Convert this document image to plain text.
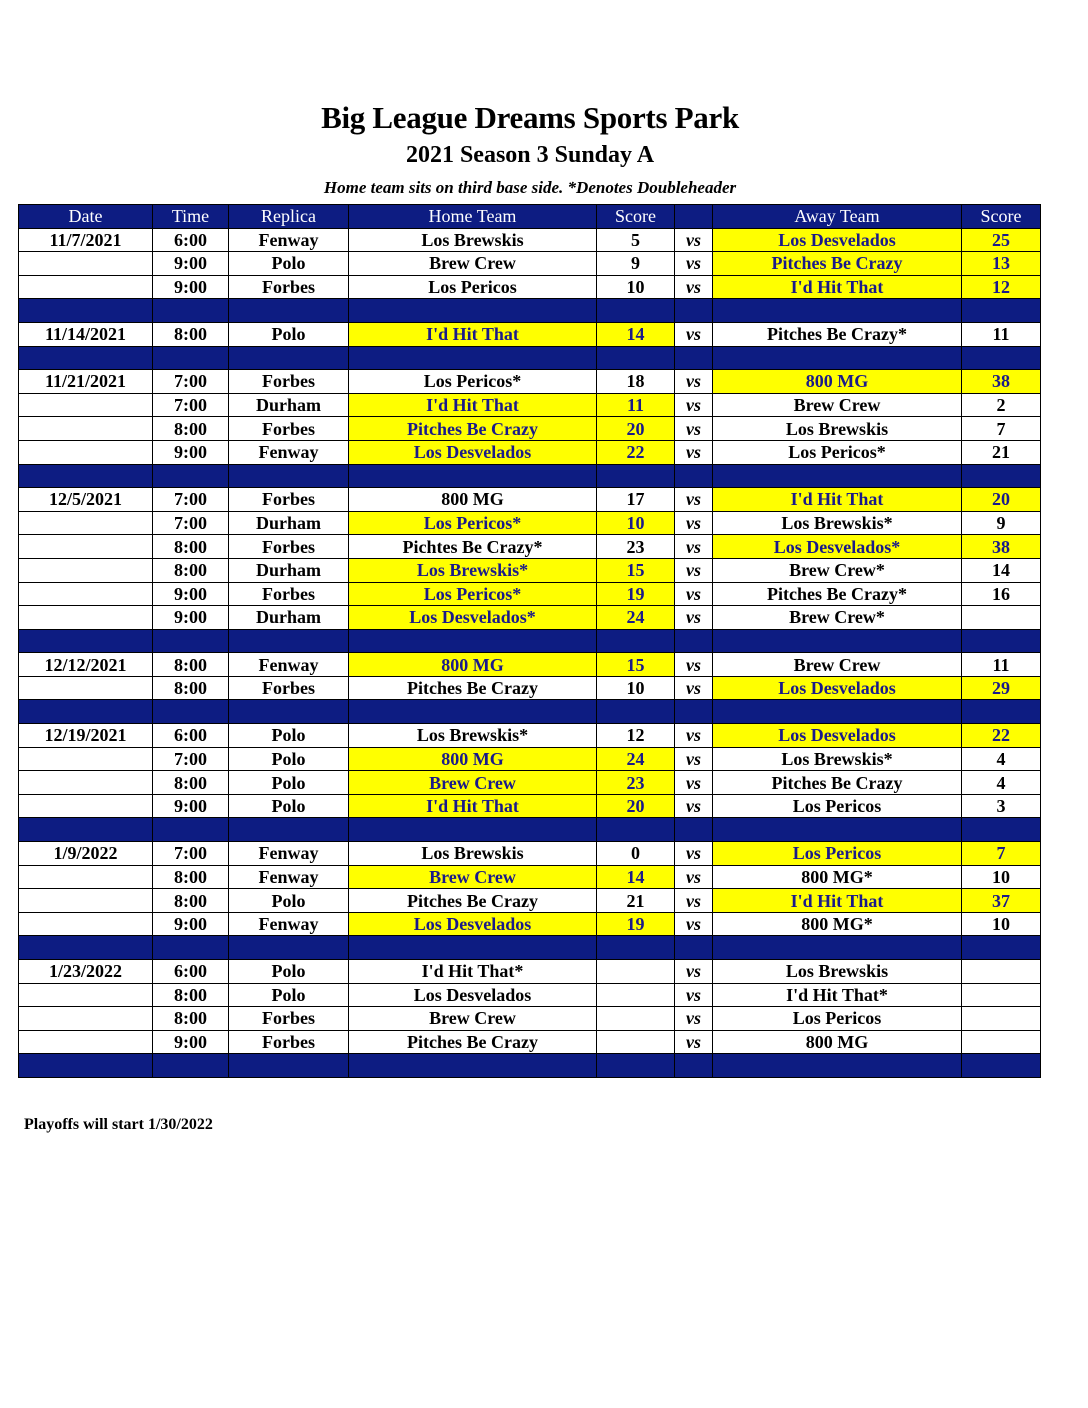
Big League Dreams Sports Park
2021 Season 3 Sunday A
Home team sits on third base side. *Denotes Doubleheader
Date	Time	Replica	Home Team	Score		Away Team	Score
11/7/2021	6:00	Fenway	Los Brewskis	5	vs	Los Desvelados	25
	9:00	Polo	Brew Crew	9	vs	Pitches Be Crazy	13
	9:00	Forbes	Los Pericos	10	vs	I'd Hit That	12

11/14/2021	8:00	Polo	I'd Hit That	14	vs	Pitches Be Crazy*	11

11/21/2021	7:00	Forbes	Los Pericos*	18	vs	800 MG	38
	7:00	Durham	I'd Hit That	11	vs	Brew Crew	2
	8:00	Forbes	Pitches Be Crazy	20	vs	Los Brewskis	7
	9:00	Fenway	Los Desvelados	22	vs	Los Pericos*	21

12/5/2021	7:00	Forbes	800 MG	17	vs	I'd Hit That	20
	7:00	Durham	Los Pericos*	10	vs	Los Brewskis*	9
	8:00	Forbes	Pichtes Be Crazy*	23	vs	Los Desvelados*	38
	8:00	Durham	Los Brewskis*	15	vs	Brew Crew*	14
	9:00	Forbes	Los Pericos*	19	vs	Pitches Be Crazy*	16
	9:00	Durham	Los Desvelados*	24	vs	Brew Crew*	

12/12/2021	8:00	Fenway	800 MG	15	vs	Brew Crew	11
	8:00	Forbes	Pitches Be Crazy	10	vs	Los Desvelados	29

12/19/2021	6:00	Polo	Los Brewskis*	12	vs	Los Desvelados	22
	7:00	Polo	800 MG	24	vs	Los Brewskis*	4
	8:00	Polo	Brew Crew	23	vs	Pitches Be Crazy	4
	9:00	Polo	I'd Hit That	20	vs	Los Pericos	3

1/9/2022	7:00	Fenway	Los Brewskis	0	vs	Los Pericos	7
	8:00	Fenway	Brew Crew	14	vs	800 MG*	10
	8:00	Polo	Pitches Be Crazy	21	vs	I'd Hit That	37
	9:00	Fenway	Los Desvelados	19	vs	800 MG*	10

1/23/2022	6:00	Polo	I'd Hit That*		vs	Los Brewskis	
	8:00	Polo	Los Desvelados		vs	I'd Hit That*	
	8:00	Forbes	Brew Crew		vs	Los Pericos	
	9:00	Forbes	Pitches Be Crazy		vs	800 MG	

Playoffs will start 1/30/2022
